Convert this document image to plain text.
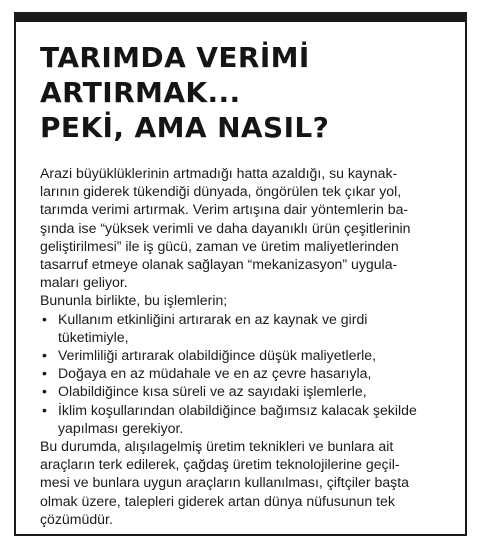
TARIMDA VERİMİ
ARTIRMAK...
PEKİ, AMA NASIL?
Arazi büyüklüklerinin artmadığı hatta azaldığı, su kaynak-
larının giderek tükendiği dünyada, öngörülen tek çıkar yol,
tarımda verimi artırmak. Verim artışına dair yöntemlerin ba-
şında ise “yüksek verimli ve daha dayanıklı ürün çeşitlerinin
geliştirilmesi” ile iş gücü, zaman ve üretim maliyetlerinden
tasarruf etmeye olanak sağlayan “mekanizasyon” uygula-
maları geliyor.
Bununla birlikte, bu işlemlerin;
• Kullanım etkinliğini artırarak en az kaynak ve girdi
tüketimiyle,
• Verimliliği artırarak olabildiğince düşük maliyetlerle,
• Doğaya en az müdahale ve en az çevre hasarıyla,
• Olabildiğince kısa süreli ve az sayıdaki işlemlerle,
• İklim koşullarından olabildiğince bağımsız kalacak şekilde
yapılması gerekiyor.
Bu durumda, alışılagelmiş üretim teknikleri ve bunlara ait
araçların terk edilerek, çağdaş üretim teknolojilerine geçil-
mesi ve bunlara uygun araçların kullanılması, çiftçiler başta
olmak üzere, talepleri giderek artan dünya nüfusunun tek
çözümüdür.
